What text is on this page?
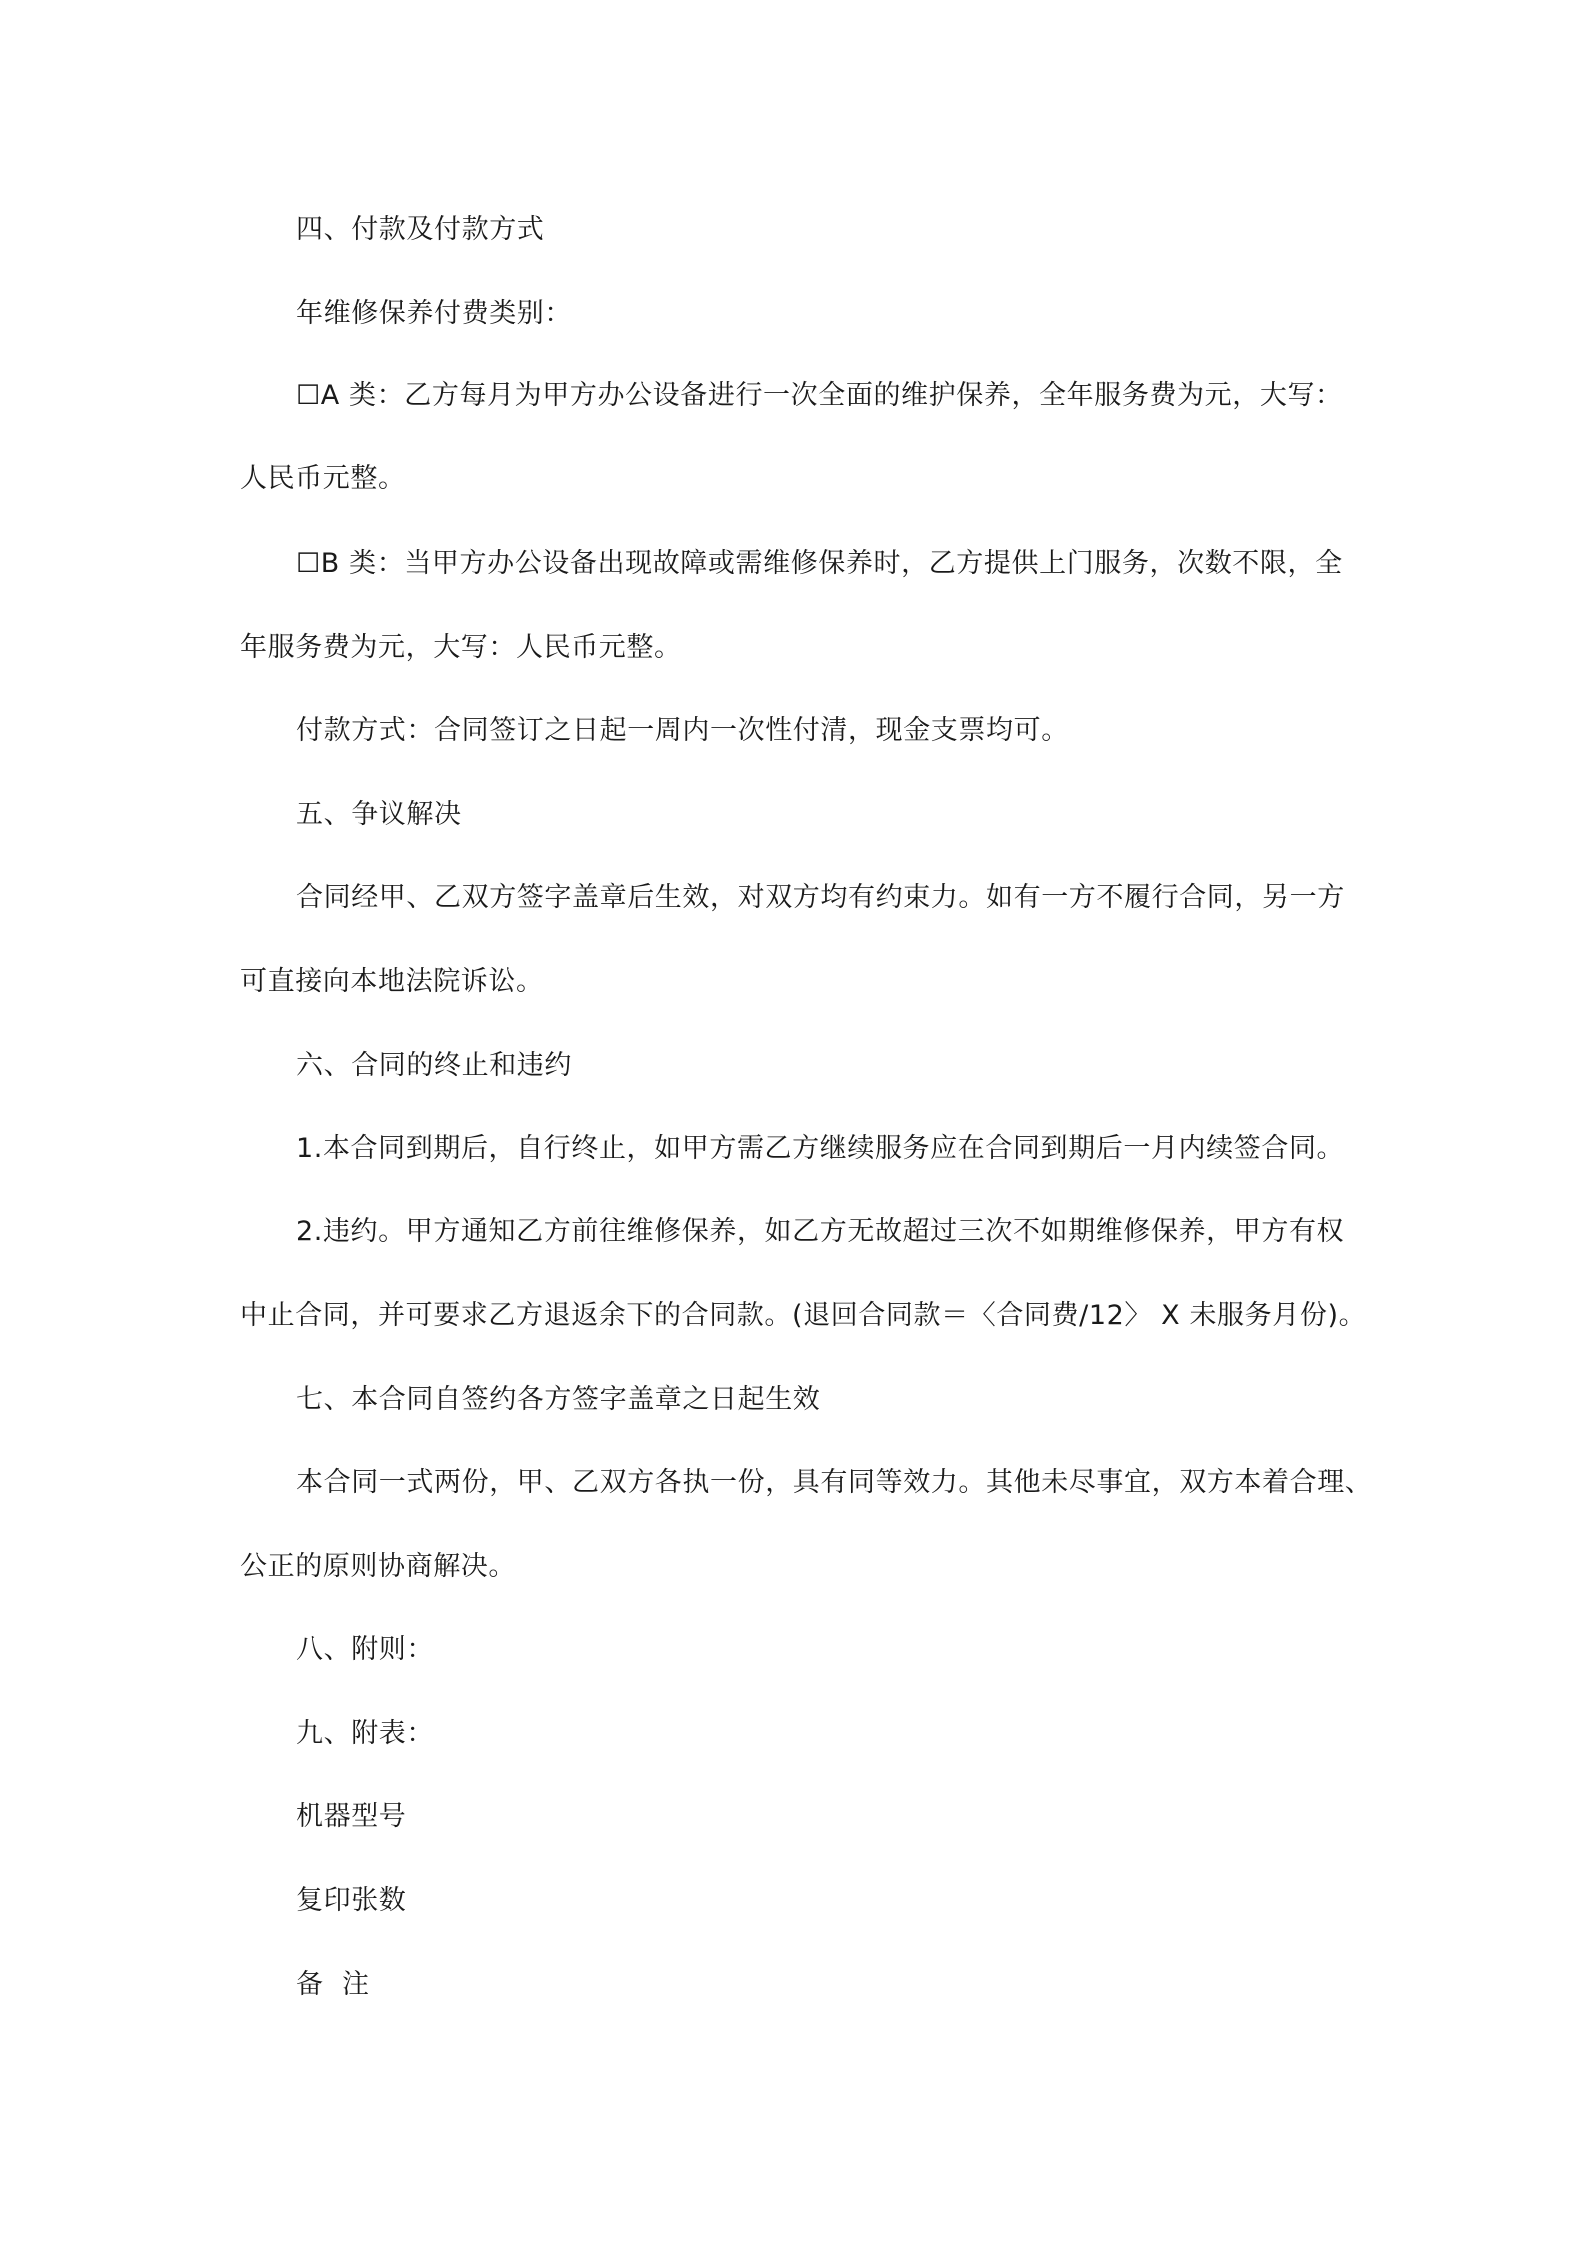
四、付款及付款方式
年维修保养付费类别：
☐A 类：乙方每月为甲方办公设备进行一次全面的维护保养，全年服务费为元，大写：
人民币元整。
☐B 类：当甲方办公设备出现故障或需维修保养时，乙方提供上门服务，次数不限，全
年服务费为元，大写：人民币元整。
付款方式：合同签订之日起一周内一次性付清，现金支票均可。
五、争议解决
合同经甲、乙双方签字盖章后生效，对双方均有约束力。如有一方不履行合同，另一方
可直接向本地法院诉讼。
六、合同的终止和违约
1.本合同到期后，自行终止，如甲方需乙方继续服务应在合同到期后一月内续签合同。
2.违约。甲方通知乙方前往维修保养，如乙方无故超过三次不如期维修保养，甲方有权
中止合同，并可要求乙方退返余下的合同款。(退回合同款＝〈合同费/12〉 X 未服务月份)。
七、本合同自签约各方签字盖章之日起生效
本合同一式两份，甲、乙双方各执一份，具有同等效力。其他未尽事宜，双方本着合理、
公正的原则协商解决。
八、附则：
九、附表：
机器型号
复印张数
备  注
